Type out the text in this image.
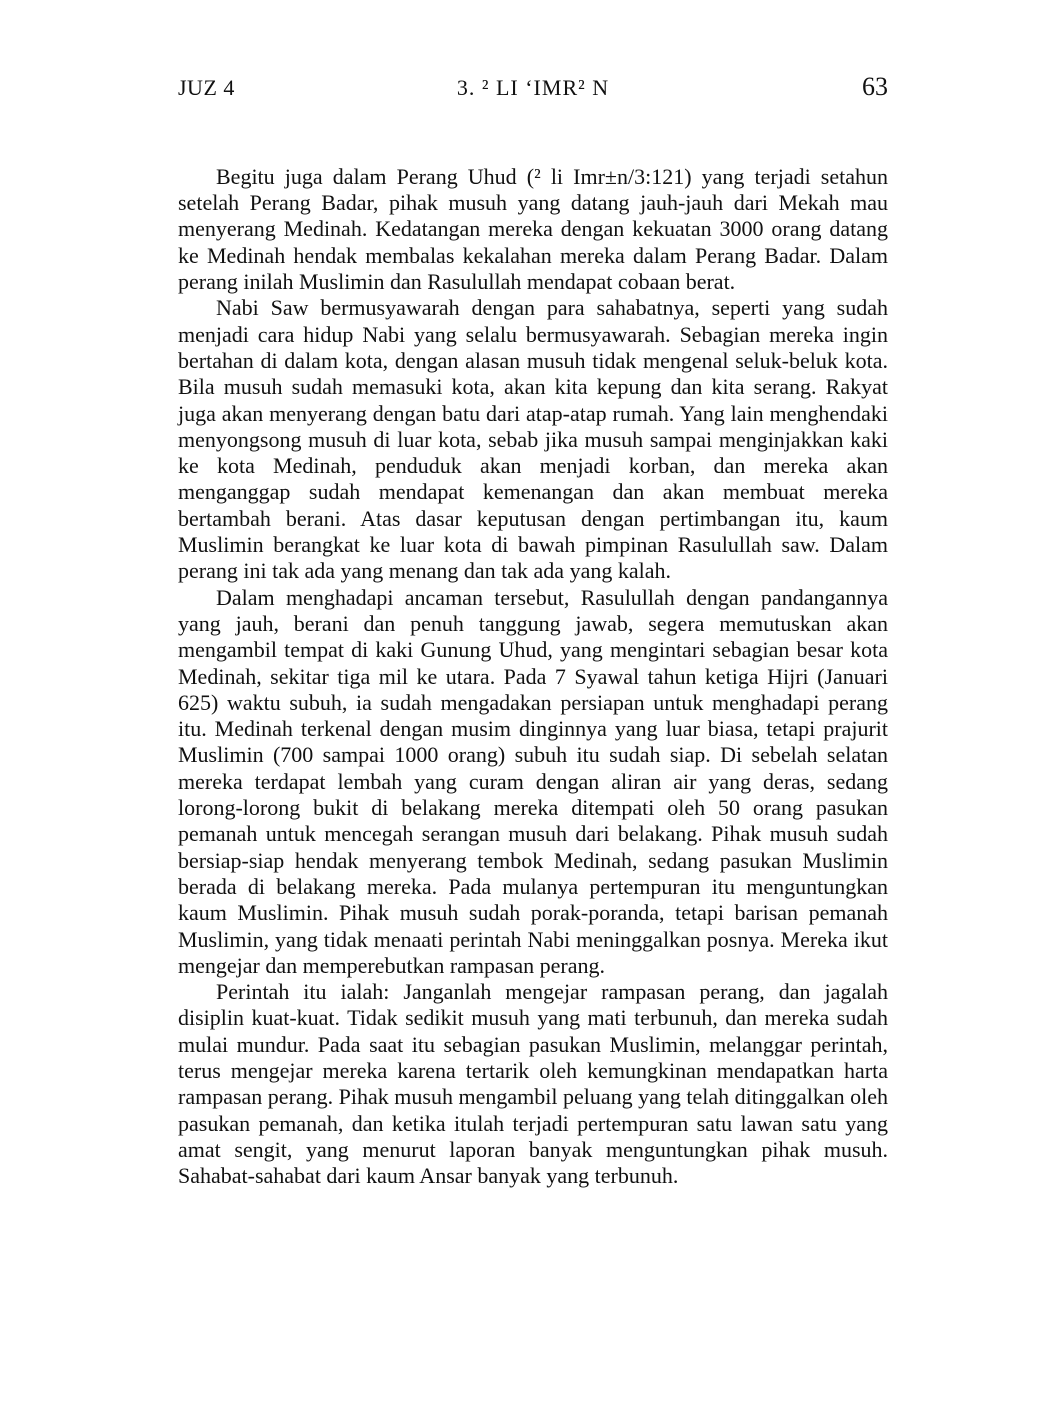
JUZ 4	3. ² LI ‘IMR² N	63

Begitu juga dalam Perang Uhud (² li Imr±n/3:121) yang terjadi setahun setelah Perang Badar, pihak musuh yang datang jauh-jauh dari Mekah mau menyerang Medinah. Kedatangan mereka dengan kekuatan 3000 orang datang ke Medinah hendak membalas kekalahan mereka dalam Perang Badar. Dalam perang inilah Muslimin dan Rasulullah mendapat cobaan berat.

Nabi Saw bermusyawarah dengan para sahabatnya, seperti yang sudah menjadi cara hidup Nabi yang selalu bermusyawarah. Sebagian mereka ingin bertahan di dalam kota, dengan alasan musuh tidak mengenal seluk-beluk kota. Bila musuh sudah memasuki kota, akan kita kepung dan kita serang. Rakyat juga akan menyerang dengan batu dari atap-atap rumah. Yang lain menghendaki menyongsong musuh di luar kota, sebab jika musuh sampai menginjakkan kaki ke kota Medinah, penduduk akan menjadi korban, dan mereka akan menganggap sudah mendapat kemenangan dan akan membuat mereka bertambah berani. Atas dasar keputusan dengan pertimbangan itu, kaum Muslimin berangkat ke luar kota di bawah pimpinan Rasulullah saw. Dalam perang ini tak ada yang menang dan tak ada yang kalah.

Dalam menghadapi ancaman tersebut, Rasulullah dengan pandangannya yang jauh, berani dan penuh tanggung jawab, segera memutuskan akan mengambil tempat di kaki Gunung Uhud, yang mengintari sebagian besar kota Medinah, sekitar tiga mil ke utara. Pada 7 Syawal tahun ketiga Hijri (Januari 625) waktu subuh, ia sudah mengadakan persiapan untuk menghadapi perang itu. Medinah terkenal dengan musim dinginnya yang luar biasa, tetapi prajurit Muslimin (700 sampai 1000 orang) subuh itu sudah siap. Di sebelah selatan mereka terdapat lembah yang curam dengan aliran air yang deras, sedang lorong-lorong bukit di belakang mereka ditempati oleh 50 orang pasukan pemanah untuk mencegah serangan musuh dari belakang. Pihak musuh sudah bersiap-siap hendak menyerang tembok Medinah, sedang pasukan Muslimin berada di belakang mereka. Pada mulanya pertempuran itu menguntungkan kaum Muslimin. Pihak musuh sudah porak-poranda, tetapi barisan pemanah Muslimin, yang tidak menaati perintah Nabi meninggalkan posnya. Mereka ikut mengejar dan memperebutkan rampasan perang.

Perintah itu ialah: Janganlah mengejar rampasan perang, dan jagalah disiplin kuat-kuat. Tidak sedikit musuh yang mati terbunuh, dan mereka sudah mulai mundur. Pada saat itu sebagian pasukan Muslimin, melanggar perintah, terus mengejar mereka karena tertarik oleh kemungkinan mendapatkan harta rampasan perang. Pihak musuh mengambil peluang yang telah ditinggalkan oleh pasukan pemanah, dan ketika itulah terjadi pertempuran satu lawan satu yang amat sengit, yang menurut laporan banyak menguntungkan pihak musuh. Sahabat-sahabat dari kaum Ansar banyak yang terbunuh.
